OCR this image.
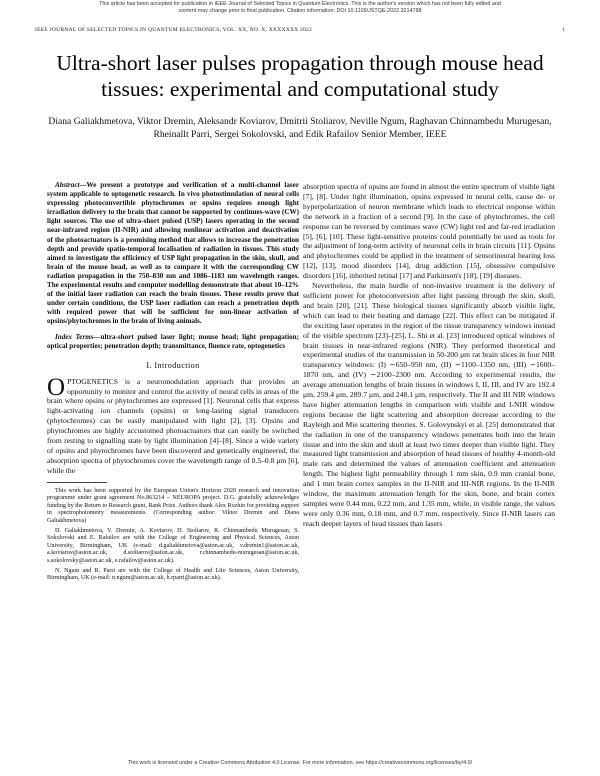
This article has been accepted for publication in IEEE Journal of Selected Topics in Quantum Electronics. This is the author's version which has not been fully edited and
content may change prior to final publication. Citation information: DOI 10.1109/JSTQE.2022.3214788
IEEE JOURNAL OF SELECTED TOPICS IN QUANTUM ELECTRONICS, VOL. XX, NO. X, XXXXXXX 2022	1
Ultra-short laser pulses propagation through mouse head tissues: experimental and computational study
Diana Galiakhmetova, Viktor Dremin, Aleksandr Koviarov, Dmitrii Stoliarov, Neville Ngum, Raghavan Chinnambedu Murugesan, Rheinallt Parri, Sergei Sokolovski, and Edik Rafailov Senior Member, IEEE

Abstract—We present a prototype and verification of a multi-channel laser system applicable to optogenetic research. In vivo photostimulation of neural cells expressing photoconvertible phytochromes or opsins requires enough light irradiation delivery to the brain that cannot be supported by continues-wave (CW) light sources. The use of ultra-short pulsed (USP) lasers operating in the second near-infrared region (II-NIR) and allowing nonlinear activation and deactivation of the photoactuators is a promising method that allows to increase the penetration depth and provide spatio-temporal localisation of radiation in tissues. This study aimed to investigate the efficiency of USP light propagation in the skin, skull, and brain of the mouse head, as well as to compare it with the corresponding CW radiation propagation in the 750–830 nm and 1086–1183 nm wavelength ranges. The experimental results and computer modelling demonstrate that about 10–12% of the initial laser radiation can reach the brain tissues. These results prove that under certain conditions, the USP laser radiation can reach a penetration depth with required power that will be sufficient for non-linear activation of opsins/phytochromes in the brain of living animals.

Index Terms—ultra-short pulsed laser light; mouse head; light propagation; optical properties; penetration depth; transmittance, fluence rate, optogenetics

I. Introduction

OPTOGENETICS is a neuromodulation approach that provides an opportunity to monitor and control the activity of neural cells in areas of the brain where opsins or phytochromes are expressed [1]. Neuronal cells that express light-activating ion channels (opsins) or long-lasting signal transducers (phytochromes) can be easily manipulated with light [2], [3]. Opsins and phytochromes are highly accustomed photoactuators that can easily be switched from resting to signalling state by light illumination [4]–[8]. Since a wide variety of opsins and phytochromes have been discovered and genetically engineered, the absorption spectra of phytochromes cover the wavelength range of 0.5–0.8 μm [6], while the

This work has been supported by the European Union's Horizon 2020 research and innovation programme under grant agreement No.863214 – NEUROPA project. D.G. gratefully acknowledges funding by the Return to Research grant, Rank Prize. Authors thank Alex Rozhin for providing support in spectrophotometry measurements. (Corresponding author: Viktor Dremin and Diana Galiakhmetova)

D. Galiakhmetova, V. Dremin, A. Koviarov, D. Stoliarov, R. Chinnambedu Murugesan, S. Sokolovski and E. Rafailov are with the College of Engineering and Physical Sciences, Aston University, Birmingham, UK (e-mail: d.galiakhmetova@aston.ac.uk, v.dremin1@aston.ac.uk, a.koviarov@aston.ac.uk, d.stoliarov@aston.ac.uk, r.chinnambedu-murugesan@aston.ac.uk, s.sokolovsky@aston.ac.uk, e.rafailov@aston.ac.uk).

N. Ngum and R. Parri are with the College of Health and Life Sciences, Aston University, Birmingham, UK (e-mail: n.ngum@aston.ac.uk, h.rparri@aston.ac.uk).

absorption spectra of opsins are found in almost the entire spectrum of visible light [7], [8]. Under light illumination, opsins expressed in neural cells, cause de- or hyperpolarization of neuron membrane which leads to electrical response within the network in a fraction of a second [9]. In the case of phytochromes, the cell response can be reversed by continues wave (CW) light red and far-red irradiation [5], [6], [10]. These light-sensitive proteins could potentially be used as tools for the adjustment of long-term activity of neuronal cells in brain circuits [11]. Opsins and phytochromes could be applied in the treatment of sensorineural hearing loss [12], [13], mood disorders [14], drug addiction [15], obsessive compulsive disorders [16], inherited retinal [17] and Parkinson's [18], [19] diseases.

Nevertheless, the main hurdle of non-invasive treatment is the delivery of sufficient power for photoconversion after light passing through the skin, skull, and brain [20], [21]. These biological tissues significantly absorb visible light, which can lead to their heating and damage [22]. This effect can be mitigated if the exciting laser operates in the region of the tissue transparency windows instead of the visible spectrum [23]–[25]. L. Shi et al. [23] introduced optical windows of brain tissues in near-infrared regions (NIR). They performed theoretical and experimental studies of the transmission in 50-200 μm rat brain slices in four NIR transparency windows: (I) ∼650–950 nm, (II) ∼1100–1350 nm, (III) ∼1600–1870 nm, and (IV) ∼2100–2300 nm. According to experimental results, the average attenuation lengths of brain tissues in windows I, II, III, and IV are 192.4 μm, 259.4 μm, 289.7 μm, and 248.1 μm, respectively. The II and III NIR windows have higher attenuation lengths in comparison with visible and I-NIR window regions because the light scattering and absorption decrease according to the Rayleigh and Mie scattering theories. S. Golovynskyi et al. [25] demonstrated that the radiation in one of the transparency windows penetrates both into the brain tissue and into the skin and skull at least two times deeper than visible light. They measured light transmission and absorption of head tissues of healthy 4-month-old male rats and determined the values of attenuation coefficient and attenuation length. The highest light permeability through 1 mm skin, 0.9 mm cranial bone, and 1 mm brain cortex samples in the II-NIR and III-NIR regions. In the II-NIR window, the maximum attenuation length for the skin, bone, and brain cortex samples were 0.44 mm, 0.22 mm, and 1.35 mm, while, in visible range, the values were only 0.36 mm, 0.18 mm, and 0.7 mm, respectively. Since II-NIR lasers can reach deeper layers of head tissues than lasers

This work is licensed under a Creative Commons Attribution 4.0 License. For more information, see https://creativecommons.org/licenses/by/4.0/
